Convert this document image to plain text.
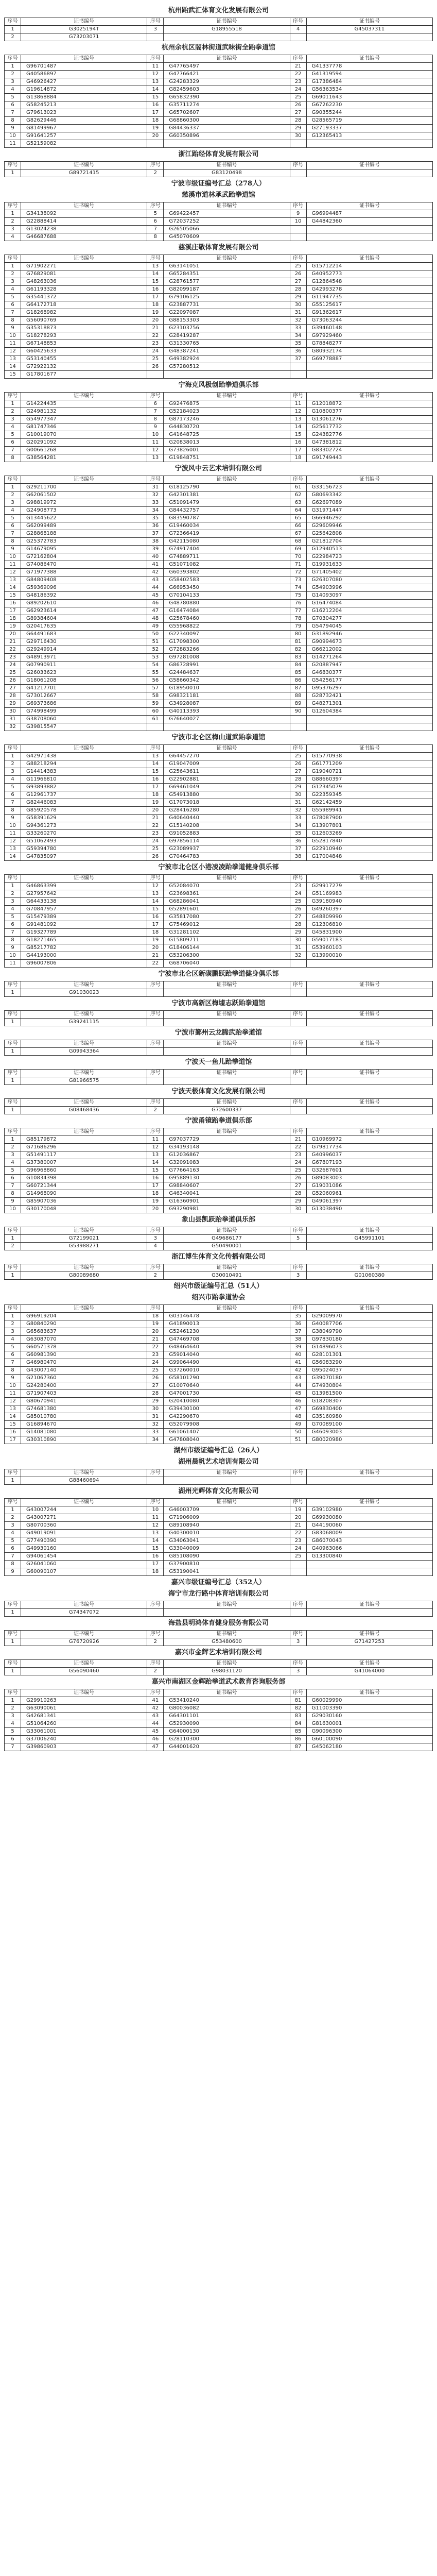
杭州跆武汇体育文化发展有限公司
序号	证书编号	序号	证书编号	序号	证书编号
1	G3025194T	3	G18955518	4	G45037311
2	G73203071				
杭州余杭区閤林街道武味街全跆拳道馆
序号	证书编号	序号	证书编号	序号	证书编号
1	G96701487	11	G47765497	21	G41337778
2	G40586897	12	G47766421	22	G41319594
3	G46926427	13	G24283329	23	G17386484
4	G19614872	14	G82459603	24	G56363534
5	G13868884	15	G65832390	25	G69011643
6	G58245213	16	G35711274	26	G67262230
7	G79613023	17	G65702607	27	G90355244
8	G82629446	18	G68860300	28	G28565719
9	G81499967	19	G84436337	29	G27193337
10	G91641257	20	G60350896	30	G12365413
11	G52159082				
浙江跆经体育发展有限公司
序号	证书编号	序号	证书编号	序号	证书编号
1	G89721415	2	G83120498		
宁波市级证编号汇总（278人）
慈溪市道林承武跆拳道馆
序号	证书编号	序号	证书编号	序号	证书编号
1	G34138092	5	G69422457	9	G96994487
2	G22888414	6	G72037252	10	G44842360
3	G13024238	7	G26505066		
4	G46687688	8	G45070609		
慈溪庄敬体育发展有限公司
序号	证书编号	序号	证书编号	序号	证书编号
1	G71902271	13	G63141051	25	G15712214
2	G76829081	14	G65284351	26	G40952773
3	G48263036	15	G28761577	27	G12864548
4	G61193328	16	G82099187	28	G42993278
5	G35441372	17	G79106125	29	G11947735
6	G64172718	18	G23887731	30	G55125617
7	G18268982	19	G22097087	31	G91362617
8	G56090769	20	G88153303	32	G73063244
9	G35318873	21	G23103756	33	G39460148
10	G18278293	22	G28419287	34	G97929460
11	G67148853	23	G31330765	35	G78848277
12	G60425633	24	G48387241	36	G80932174
13	G53140455	25	G49382924	37	G69778887
14	G72922132	26	G57280512		
15	G17801677				
宁海克风极创跆拳道俱乐部
序号	证书编号	序号	证书编号	序号	证书编号
1	G14224435	6	G92476875	11	G12018872
2	G24981132	7	G52184023	12	G10800377
3	G54977347	8	G87173246	13	G13061276
4	G81747346	9	G44830720	14	G25617732
5	G10019070	10	G41648725	15	G24382776
6	G20291092	11	G20838013	16	G47381812
7	G00661268	12	G73826001	17	G83302724
8	G38564281	13	G19848751	18	G91749443
宁波风中云艺术培训有限公司
序号	证书编号	序号	证书编号	序号	证书编号
1	G29211700	31	G18125790	61	G33156723
2	G62061502	32	G42301381	62	G80693342
3	G98819972	33	G51091479	63	G62697089
4	G24908773	34	G84432757	64	G31971447
5	G13445622	35	G83590787	65	G66946292
6	G62099489	36	G19460034	66	G29609946
7	G28868188	37	G72366419	67	G25642808
8	G25372783	38	G42115080	68	G21812704
9	G14679095	39	G74917404	69	G12940513
10	G72162804	40	G74889711	70	G22984723
11	G74086470	41	G51071082	71	G19931633
12	G71977388	42	G60393802	72	G71405402
13	G84809408	43	G58402583	73	G26307080
14	G59369096	44	G66953450	74	G54903996
15	G48186392	45	G70104133	75	G14093097
16	G89202610	46	G48780880	76	G16474084
17	G62923614	47	G16474084	77	G16212204
18	G89384604	48	G25678460	78	G70304277
19	G20417635	49	G55968822	79	G54794045
20	G64491683	50	G22340097	80	G31892946
21	G29716430	51	G17098300	81	G90994673
22	G29249914	52	G72883266	82	G66212002
23	G48913971	53	G97281008	83	G14271264
24	G07990911	54	G86728991	84	G20887947
25	G26033623	55	G24484637	85	G46830377
26	G18061208	56	G58660342	86	G54256177
27	G41217701	57	G18950010	87	G95376297
28	G73012667	58	G98321181	88	G28732421
29	G69373686	59	G34928087	89	G48271301
30	G74998499	60	G40113393	90	G12604384
31	G38708060	61	G76640027		
32	G39815547				
宁波市北仑区梅山道武跆拳道馆
序号	证书编号	序号	证书编号	序号	证书编号
1	G42971438	13	G64457270	25	G15770938
2	G88218294	14	G19047009	26	G61771209
3	G14414383	15	G25643611	27	G19040721
4	G11966810	16	G22902881	28	G88660397
5	G93893882	17	G69461049	29	G12345079
6	G12961737	18	G54913880	30	G22359345
7	G82446083	19	G17073018	31	G62142459
8	G85920578	20	G28416280	32	G55989941
9	G58391629	21	G40640440	33	G78087900
10	G94361273	22	G15140208	34	G13907801
11	G33260270	23	G91052883	35	G12603269
12	G51062493	24	G97856114	36	G52817840
13	G59394780	25	G23089937	37	G22910940
14	G47835097	26	G70464783	38	G17004848
宁波市北仑区小港凌凌跆拳道健身俱乐部
序号	证书编号	序号	证书编号	序号	证书编号
1	G46863399	12	G52084070	23	G29917279
2	G27957642	13	G23698361	24	G51169983
3	G64433138	14	G68286041	25	G39180940
4	G70847957	15	G52891601	26	G49260397
5	G15479389	16	G35817080	27	G48809990
6	G91481092	17	G75469012	28	G12306810
7	G19327789	18	G31281102	29	G45831900
8	G18271465	19	G15809711	30	G59017183
9	G85217782	20	G18406144	31	G53960103
10	G44193000	21	G53206300	32	G13990010
11	G96007806	22	G68706040		
宁波市北仑区新碶鹏跃跆拳道健身俱乐部
序号	证书编号	序号	证书编号	序号	证书编号
1	G91030023				
宁波市高新区梅墟志跃跆拳道馆
序号	证书编号	序号	证书编号	序号	证书编号
1	G39241115				
宁波市鄞州云龙腾武跆拳道馆
序号	证书编号	序号	证书编号	序号	证书编号
1	G09943364				
宁波天一鱼儿跆拳道馆
序号	证书编号	序号	证书编号	序号	证书编号
1	G81966575				
宁波天极体育文化发展有限公司
序号	证书编号	序号	证书编号	序号	证书编号
1	G08468436	2	G72600337		
宁波甬镜跆拳道俱乐部
序号	证书编号	序号	证书编号	序号	证书编号
1	G85179872	11	G97037729	21	G10969972
2	G71686296	12	G34193148	22	G79817734
3	G51491117	13	G12036867	23	G40996037
4	G37380007	14	G32091083	24	G67807193
5	G96968860	15	G77664163	25	G32687601
6	G10834398	16	G95889130	26	G89083003
7	G60721344	17	G98840607	27	G19031086
8	G14968090	18	G46340041	28	G52060961
9	G85907036	19	G16360901	29	G49061397
10	G30170048	20	G93290981	30	G13038490
象山县凯跃跆拳道俱乐部
序号	证书编号	序号	证书编号	序号	证书编号
1	G72199021	3	G49686177	5	G45991101
2	G53988271	4	G50490001		
浙江博生体育文化传播有限公司
序号	证书编号	序号	证书编号	序号	证书编号
1	G80089680	2	G30010491	3	G01060380
绍兴市级证编号汇总（51人）
绍兴市跆拳道协会
序号	证书编号	序号	证书编号	序号	证书编号
1	G96919204	18	G03146478	35	G29009970
2	G80840290	19	G41890013	36	G40087706
3	G65683637	20	G52461230	37	G38049790
4	G63087070	21	G47469708	38	G97830180
5	G60571378	22	G48464640	39	G14896073
6	G60981390	23	G59014040	40	G28101301
7	G46980470	24	G99064490	41	G56083290
8	G43007140	25	G37260010	42	G95024037
9	G21067360	26	G58101290	43	G39070180
10	G24280400	27	G10070640	44	G74930804
11	G71907403	28	G47001730	45	G13981500
12	G80670941	29	G20410080	46	G18208307
13	G74681380	30	G39430100	47	G69830400
14	G85010780	31	G42290670	48	G35160980
15	G16894670	32	G52079908	49	G70089100
16	G14081080	33	G61061407	50	G46093003
17	G30310890	34	G47808040	51	G80020980
湖州市级证编号汇总（26人）
湖州晨帆艺术培训有限公司
序号	证书编号	序号	证书编号	序号	证书编号
1	G88460694				
湖州光辉体育文化有限公司
序号	证书编号	序号	证书编号	序号	证书编号
1	G43007244	10	G46003709	19	G39102980
2	G43007271	11	G71906009	20	G69930080
3	G80700360	12	G89108940	21	G44190060
4	G49019091	13	G40300010	22	G83068009
5	G77490390	14	G34063041	23	G86070043
6	G49930160	15	G33040009	24	G40963066
7	G94061454	16	G85108090	25	G13300840
8	G26041060	17	G37900810		
9	G60090107	18	G53190041		
嘉兴市级证编号汇总（352人）
海宁市龙行路中体育培训有限公司
序号	证书编号	序号	证书编号	序号	证书编号
1	G74347072				
海盐县明鸿体育健身服务有限公司
序号	证书编号	序号	证书编号	序号	证书编号
1	G76720926	2	G53480600	3	G71427253
嘉兴市金辉艺术培训有限公司
序号	证书编号	序号	证书编号	序号	证书编号
1	G56090460	2	G98031120	3	G41064000
嘉兴市南湖区金辉跆拳道武术教育咨询服务部
序号	证书编号	序号	证书编号	序号	证书编号
1	G29910263	41	G53410240	81	G60029990
2	G63090061	42	G80036082	82	G11003390
3	G42681341	43	G64301101	83	G29030160
4	G51064260	44	G52930090	84	G81630001
5	G33061001	45	G64000130	85	G90096300
6	G37006240	46	G28110300	86	G60100090
7	G39860903	47	G44001620	87	G45062180
